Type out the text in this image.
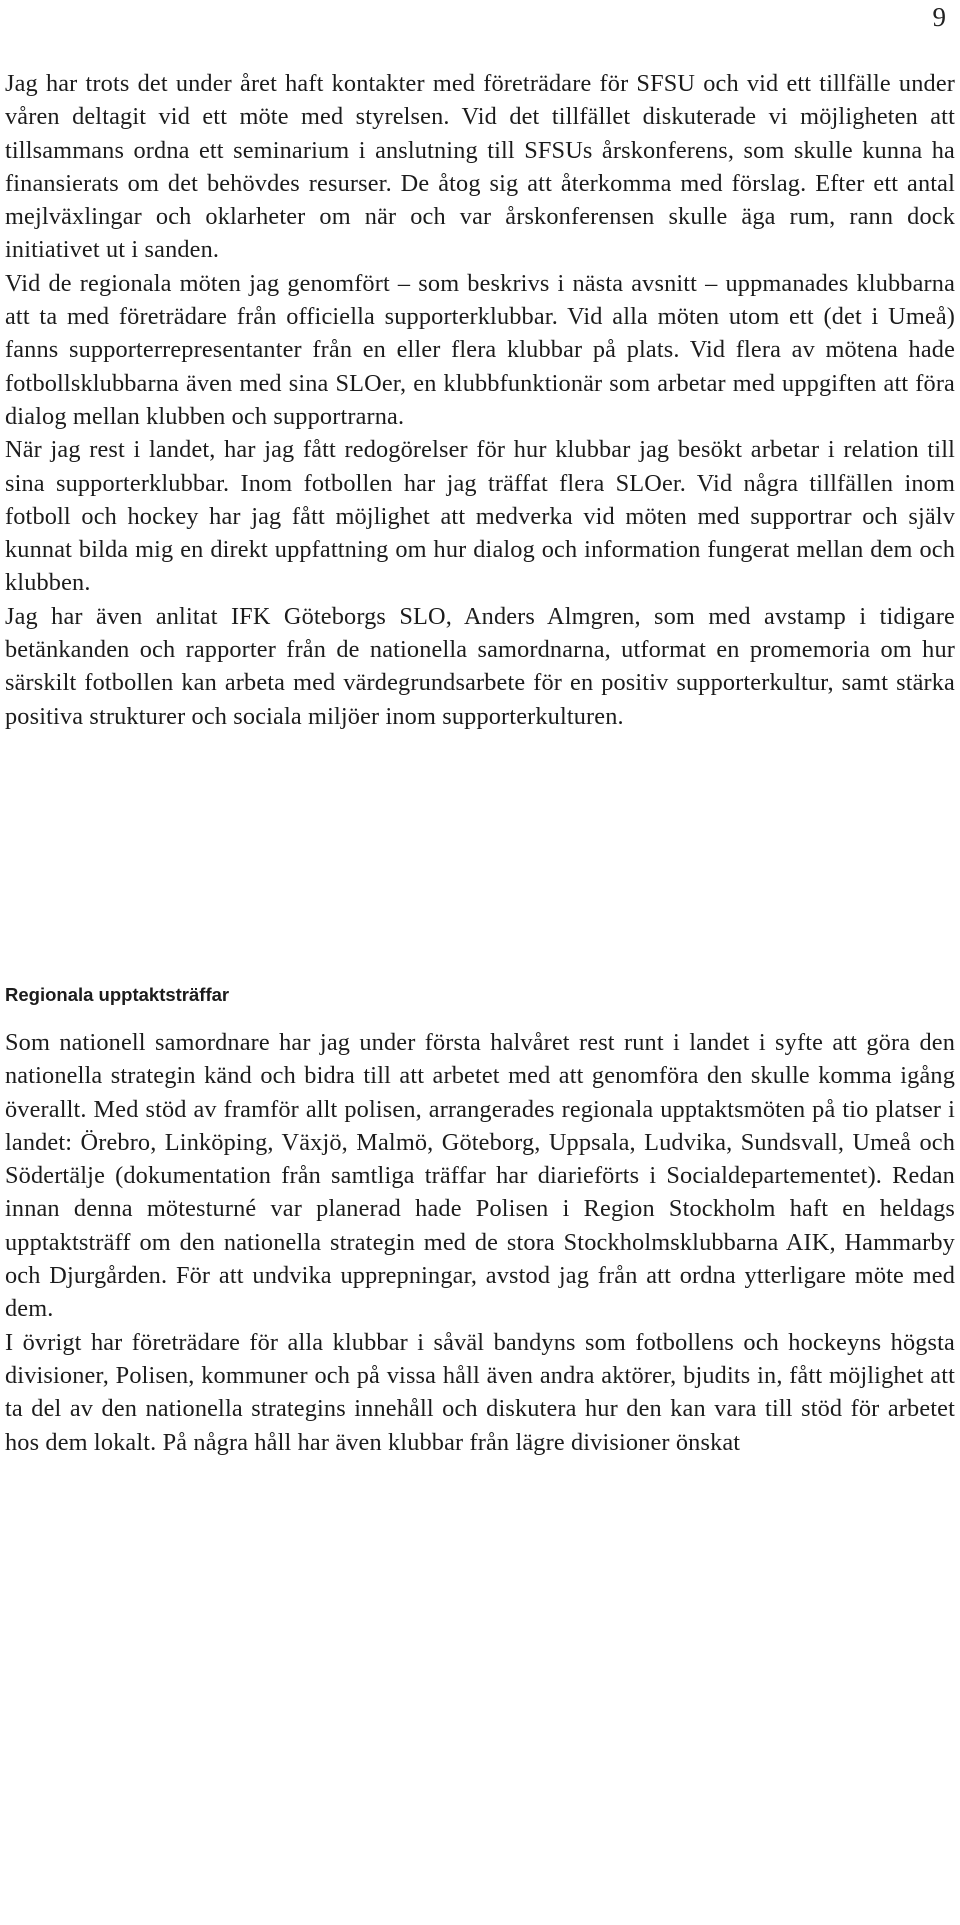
9

Jag har trots det under året haft kontakter med företrädare för SFSU och vid ett tillfälle under våren deltagit vid ett möte med styrelsen. Vid det tillfället diskuterade vi möjligheten att tillsammans ordna ett seminarium i anslutning till SFSUs årskonferens, som skulle kunna ha finansierats om det behövdes resurser. De åtog sig att återkomma med förslag. Efter ett antal mejlväxlingar och oklarheter om när och var årskonferensen skulle äga rum, rann dock initiativet ut i sanden.

Vid de regionala möten jag genomfört – som beskrivs i nästa avsnitt – uppmanades klubbarna att ta med företrädare från officiella supporterklubbar. Vid alla möten utom ett (det i Umeå) fanns supporterrepresentanter från en eller flera klubbar på plats. Vid flera av mötena hade fotbollsklubbarna även med sina SLOer, en klubbfunktionär som arbetar med uppgiften att föra dialog mellan klubben och supportrarna.

När jag rest i landet, har jag fått redogörelser för hur klubbar jag besökt arbetar i relation till sina supporterklubbar. Inom fotbollen har jag träffat flera SLOer. Vid några tillfällen inom fotboll och hockey har jag fått möjlighet att medverka vid möten med supportrar och själv kunnat bilda mig en direkt uppfattning om hur dialog och information fungerat mellan dem och klubben.

Jag har även anlitat IFK Göteborgs SLO, Anders Almgren, som med avstamp i tidigare betänkanden och rapporter från de nationella samordnarna, utformat en promemoria om hur särskilt fotbollen kan arbeta med värdegrundsarbete för en positiv supporterkultur, samt stärka positiva strukturer och sociala miljöer inom supporterkulturen.

Regionala upptaktsträffar

Som nationell samordnare har jag under första halvåret rest runt i landet i syfte att göra den nationella strategin känd och bidra till att arbetet med att genomföra den skulle komma igång överallt. Med stöd av framför allt polisen, arrangerades regionala upptaktsmöten på tio platser i landet: Örebro, Linköping, Växjö, Malmö, Göteborg, Uppsala, Ludvika, Sundsvall, Umeå och Södertälje (dokumentation från samtliga träffar har diarieförts i Socialdepartementet). Redan innan denna mötesturné var planerad hade Polisen i Region Stockholm haft en heldags upptaktsträff om den nationella strategin med de stora Stockholmsklubbarna AIK, Hammarby och Djurgården. För att undvika upprepningar, avstod jag från att ordna ytterligare möte med dem.

I övrigt har företrädare för alla klubbar i såväl bandyns som fotbollens och hockeyns högsta divisioner, Polisen, kommuner och på vissa håll även andra aktörer, bjudits in, fått möjlighet att ta del av den nationella strategins innehåll och diskutera hur den kan vara till stöd för arbetet hos dem lokalt. På några håll har även klubbar från lägre divisioner önskat
